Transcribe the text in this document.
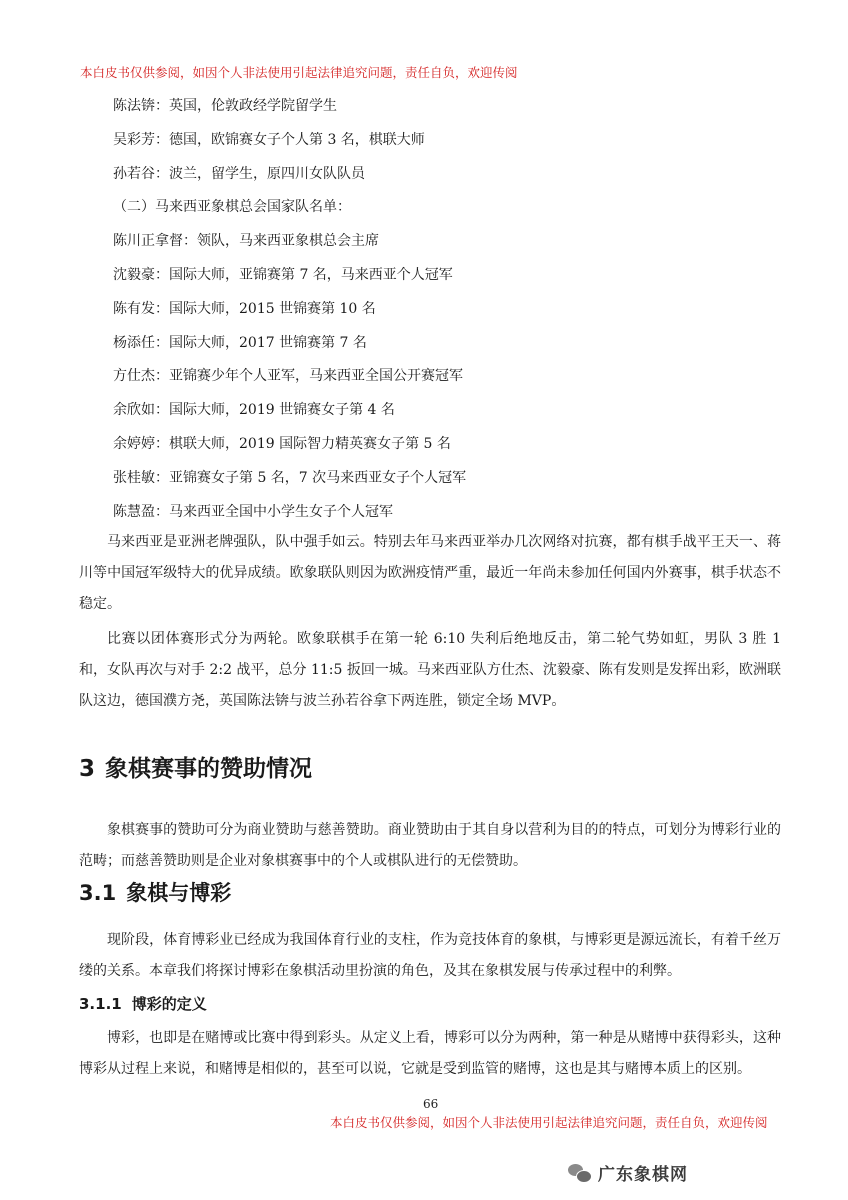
本白皮书仅供参阅，如因个人非法使用引起法律追究问题，责任自负，欢迎传阅
陈法锛：英国，伦敦政经学院留学生
吴彩芳：德国，欧锦赛女子个人第 3 名，棋联大师
孙若谷：波兰，留学生，原四川女队队员
（二）马来西亚象棋总会国家队名单：
陈川正拿督：领队，马来西亚象棋总会主席
沈毅豪：国际大师，亚锦赛第 7 名，马来西亚个人冠军
陈有发：国际大师，2015 世锦赛第 10 名
杨添任：国际大师，2017 世锦赛第 7 名
方仕杰：亚锦赛少年个人亚军，马来西亚全国公开赛冠军
余欣如：国际大师，2019 世锦赛女子第 4 名
余婷婷：棋联大师，2019 国际智力精英赛女子第 5 名
张桂敏：亚锦赛女子第 5 名，7 次马来西亚女子个人冠军
陈慧盈：马来西亚全国中小学生女子个人冠军

马来西亚是亚洲老牌强队，队中强手如云。特别去年马来西亚举办几次网络对抗赛，都有棋手战平王天一、蒋川等中国冠军级特大的优异成绩。欧象联队则因为欧洲疫情严重，最近一年尚未参加任何国内外赛事，棋手状态不稳定。

比赛以团体赛形式分为两轮。欧象联棋手在第一轮 6:10 失利后绝地反击，第二轮气势如虹，男队 3 胜 1 和，女队再次与对手 2:2 战平，总分 11:5 扳回一城。马来西亚队方仕杰、沈毅豪、陈有发则是发挥出彩，欧洲联队这边，德国濮方尧，英国陈法锛与波兰孙若谷拿下两连胜，锁定全场 MVP。

3 象棋赛事的赞助情况

象棋赛事的赞助可分为商业赞助与慈善赞助。商业赞助由于其自身以营利为目的的特点，可划分为博彩行业的范畴；而慈善赞助则是企业对象棋赛事中的个人或棋队进行的无偿赞助。

3.1 象棋与博彩

现阶段，体育博彩业已经成为我国体育行业的支柱，作为竞技体育的象棋，与博彩更是源远流长，有着千丝万缕的关系。本章我们将探讨博彩在象棋活动里扮演的角色，及其在象棋发展与传承过程中的利弊。

3.1.1 博彩的定义

博彩，也即是在赌博或比赛中得到彩头。从定义上看，博彩可以分为两种，第一种是从赌博中获得彩头，这种博彩从过程上来说，和赌博是相似的，甚至可以说，它就是受到监管的赌博，这也是其与赌博本质上的区别。

66
本白皮书仅供参阅，如因个人非法使用引起法律追究问题，责任自负，欢迎传阅
广东象棋网
